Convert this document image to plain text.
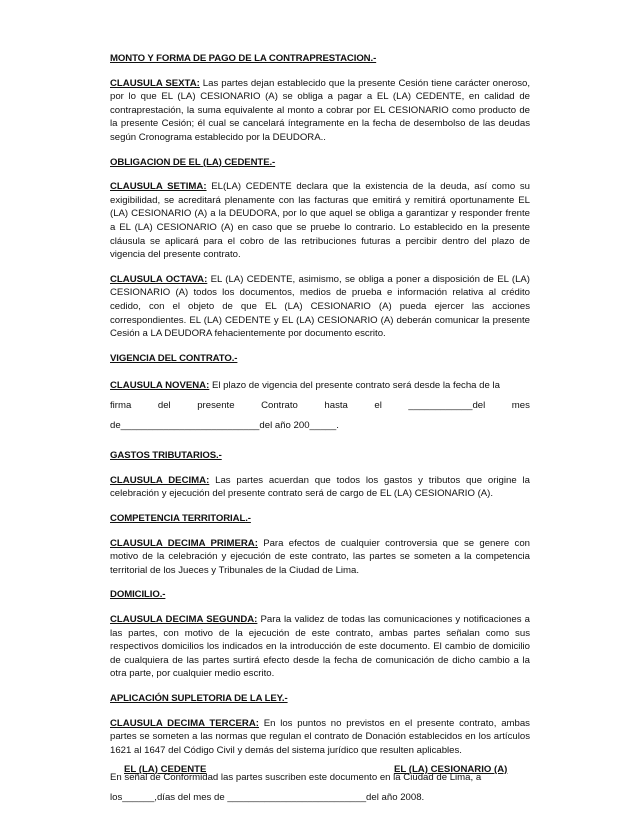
MONTO Y FORMA DE PAGO DE LA CONTRAPRESTACION.-

CLAUSULA SEXTA: Las partes dejan establecido que la presente Cesión tiene carácter oneroso, por lo que EL (LA) CESIONARIO (A) se obliga a pagar a EL (LA) CEDENTE, en calidad de contraprestación, la suma equivalente al monto a cobrar por EL CESIONARIO como producto de la presente Cesión; él cual se cancelará íntegramente en la fecha de desembolso de las deudas según Cronograma establecido por la DEUDORA..

OBLIGACION DE EL (LA) CEDENTE.-

CLAUSULA SETIMA: EL(LA) CEDENTE declara que la existencia de la deuda, así como su exigibilidad, se acreditará plenamente con las facturas que emitirá y remitirá oportunamente EL (LA) CESIONARIO (A) a la DEUDORA, por lo que aquel se obliga a garantizar y responder frente a EL (LA) CESIONARIO (A) en caso que se pruebe lo contrario. Lo establecido en la presente cláusula se aplicará para el cobro de las retribuciones futuras a percibir dentro del plazo de vigencia del presente contrato.

CLAUSULA OCTAVA: EL (LA) CEDENTE, asimismo, se obliga a poner a disposición de EL (LA) CESIONARIO (A) todos los documentos, medios de prueba e información relativa al crédito cedido, con el objeto de que EL (LA) CESIONARIO (A) pueda ejercer las acciones correspondientes. EL (LA) CEDENTE y EL (LA) CESIONARIO (A) deberán comunicar la presente Cesión a LA DEUDORA fehacientemente por documento escrito.

VIGENCIA DEL CONTRATO.-

CLAUSULA NOVENA: El plazo de vigencia del presente contrato será desde la fecha de la

firma	del	presente	Contrato	hasta	el	____________del	mes

de__________________________del año 200_____.

GASTOS TRIBUTARIOS.-

CLAUSULA DECIMA: Las partes acuerdan que todos los gastos y tributos que origine la celebración y ejecución del presente contrato será de cargo de EL (LA) CESIONARIO (A).

COMPETENCIA TERRITORIAL.-

CLAUSULA DECIMA PRIMERA: Para efectos de cualquier controversia que se genere con motivo de la celebración y ejecución de este contrato, las partes se someten a la competencia territorial de los Jueces y Tribunales de la Ciudad de Lima.

DOMICILIO.-

CLAUSULA DECIMA SEGUNDA: Para la validez de todas las comunicaciones y notificaciones a las partes, con motivo de la ejecución de este contrato, ambas partes señalan como sus respectivos domicilios los indicados en la introducción de este documento. El cambio de domicilio de cualquiera de las partes surtirá efecto desde la fecha de comunicación de dicho cambio a la otra parte, por cualquier medio escrito.

APLICACIÓN SUPLETORIA DE LA LEY.-

CLAUSULA DECIMA TERCERA: En los puntos no previstos en el presente contrato, ambas partes se someten a las normas que regulan el contrato de Donación establecidos en los artículos 1621 al 1647 del Código Civil y demás del sistema jurídico que resulten aplicables.

En señal de Conformidad las partes suscriben este documento en la Ciudad de Lima, a

los______,días del mes de __________________________del año 2008.

EL (LA) CEDENTE	EL (LA) CESIONARIO (A)
